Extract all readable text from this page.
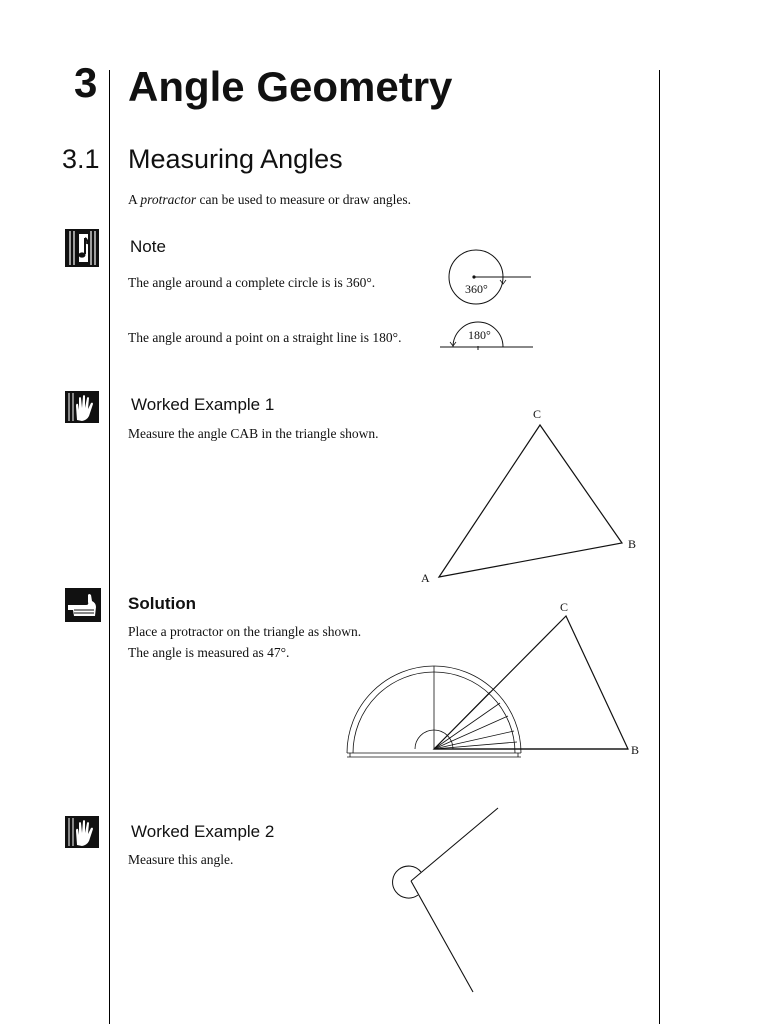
3 Angle Geometry
3.1 Measuring Angles
A protractor can be used to measure or draw angles.
Note
The angle around a complete circle is is 360°.
The angle around a point on a straight line is 180°.
360°
180°
Worked Example 1
Measure the angle CAB in the triangle shown.
A
B
C
Solution
Place a protractor on the triangle as shown.
The angle is measured as 47°.
C
B
Worked Example 2
Measure this angle.
